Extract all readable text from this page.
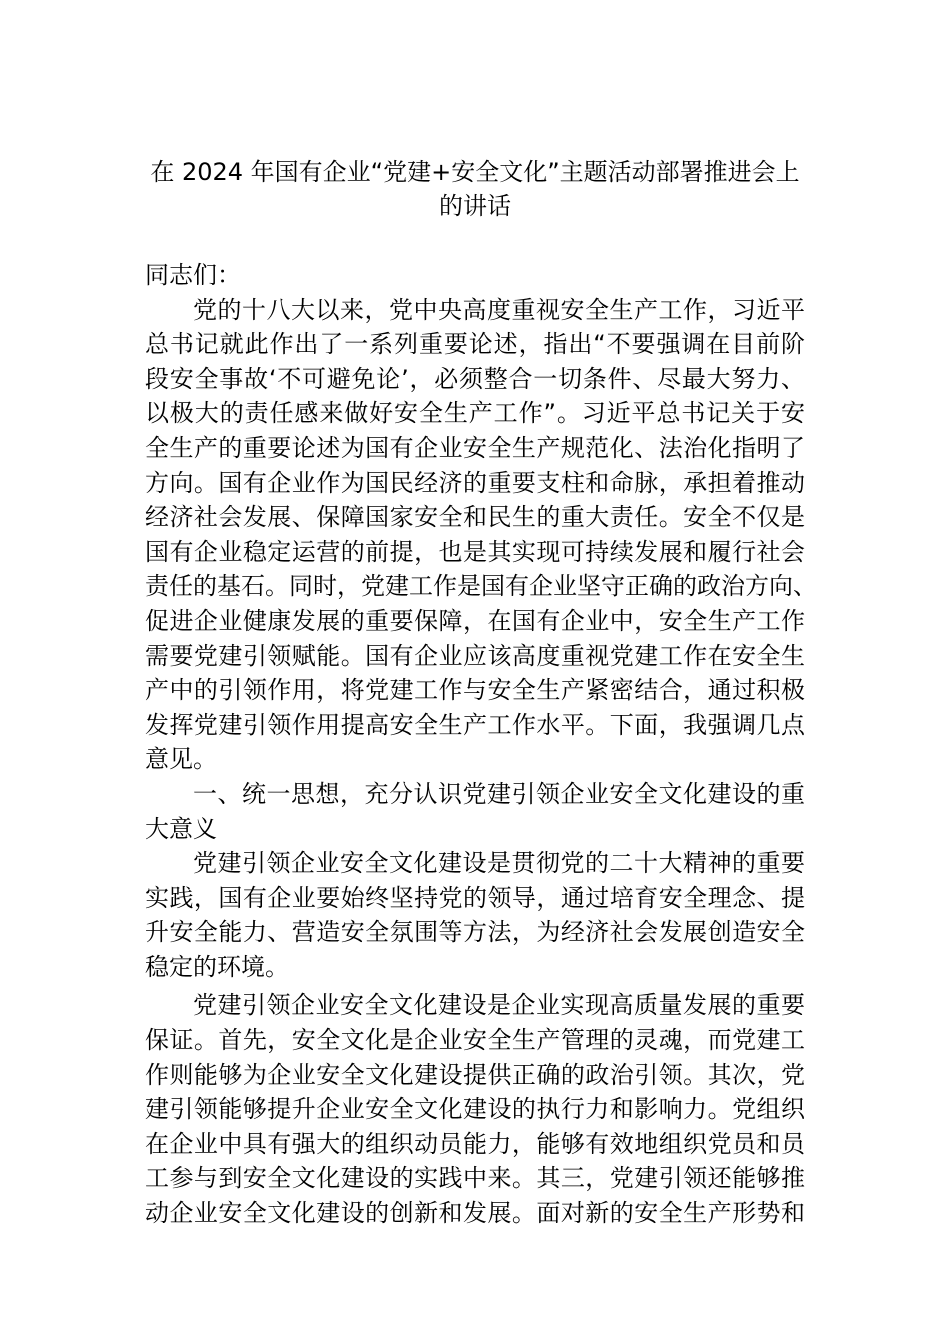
在 2024 年国有企业“党建+安全文化”主题活动部署推进会上
的讲话
同志们：
党的十八大以来，党中央高度重视安全生产工作，习近平
总书记就此作出了一系列重要论述，指出“不要强调在目前阶
段安全事故‘不可避免论’，必须整合一切条件、尽最大努力、
以极大的责任感来做好安全生产工作”。习近平总书记关于安
全生产的重要论述为国有企业安全生产规范化、法治化指明了
方向。国有企业作为国民经济的重要支柱和命脉，承担着推动
经济社会发展、保障国家安全和民生的重大责任。安全不仅是
国有企业稳定运营的前提，也是其实现可持续发展和履行社会
责任的基石。同时，党建工作是国有企业坚守正确的政治方向、
促进企业健康发展的重要保障，在国有企业中，安全生产工作
需要党建引领赋能。国有企业应该高度重视党建工作在安全生
产中的引领作用，将党建工作与安全生产紧密结合，通过积极
发挥党建引领作用提高安全生产工作水平。下面，我强调几点
意见。
一、统一思想，充分认识党建引领企业安全文化建设的重
大意义
党建引领企业安全文化建设是贯彻党的二十大精神的重要
实践，国有企业要始终坚持党的领导，通过培育安全理念、提
升安全能力、营造安全氛围等方法，为经济社会发展创造安全
稳定的环境。
党建引领企业安全文化建设是企业实现高质量发展的重要
保证。首先，安全文化是企业安全生产管理的灵魂，而党建工
作则能够为企业安全文化建设提供正确的政治引领。其次，党
建引领能够提升企业安全文化建设的执行力和影响力。党组织
在企业中具有强大的组织动员能力，能够有效地组织党员和员
工参与到安全文化建设的实践中来。其三，党建引领还能够推
动企业安全文化建设的创新和发展。面对新的安全生产形势和
